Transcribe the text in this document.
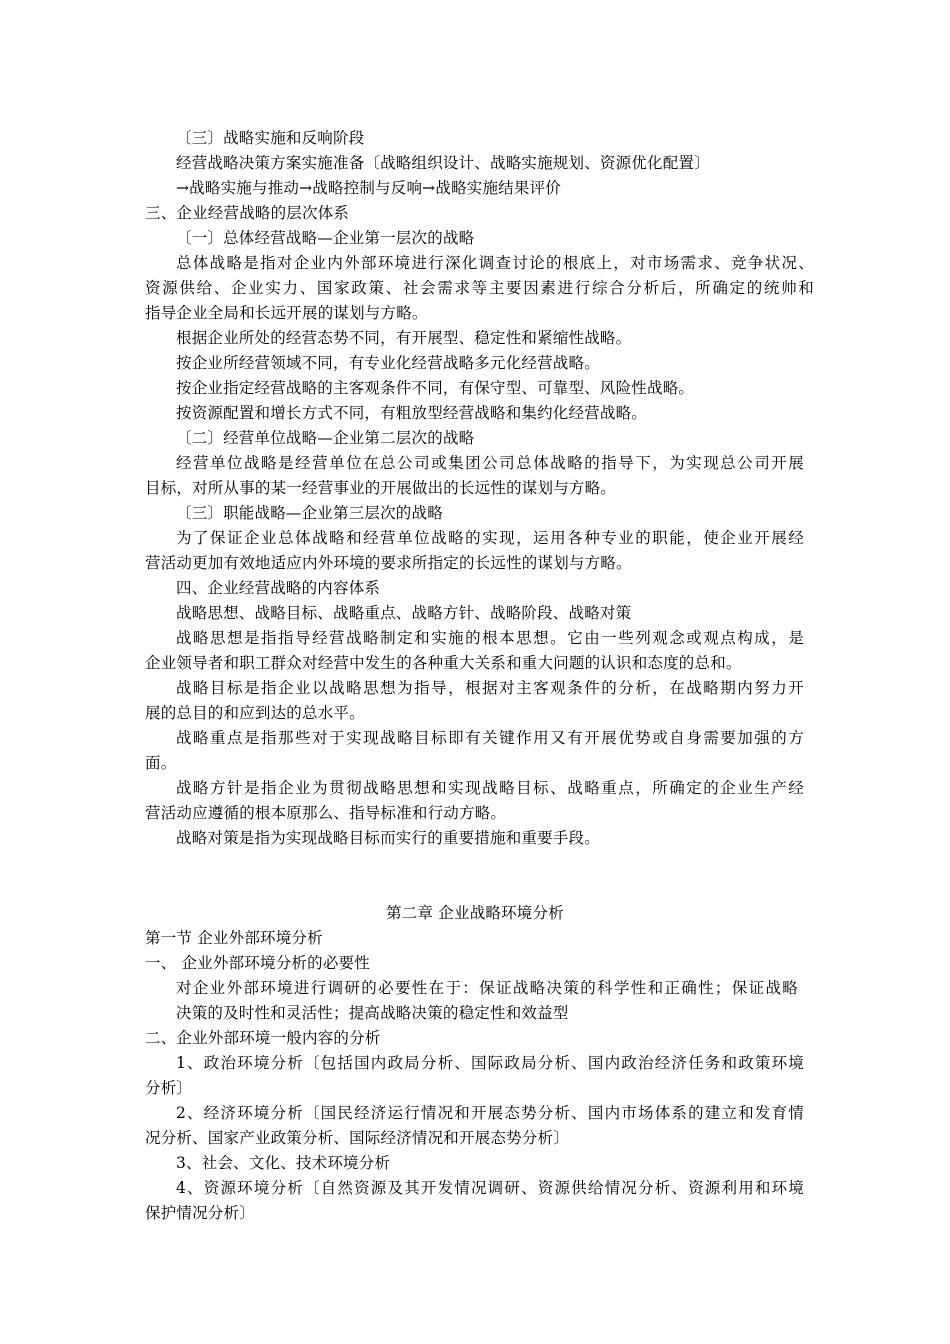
〔三〕战略实施和反响阶段
经营战略决策方案实施准备〔战略组织设计、战略实施规划、资源优化配置〕
→战略实施与推动→战略控制与反响→战略实施结果评价
三、企业经营战略的层次体系
〔一〕总体经营战略—企业第一层次的战略
总体战略是指对企业内外部环境进行深化调查讨论的根底上，对市场需求、竞争状况、
资源供给、企业实力、国家政策、社会需求等主要因素进行综合分析后，所确定的统帅和
指导企业全局和长远开展的谋划与方略。
根据企业所处的经营态势不同，有开展型、稳定性和紧缩性战略。
按企业所经营领域不同，有专业化经营战略多元化经营战略。
按企业指定经营战略的主客观条件不同，有保守型、可靠型、风险性战略。
按资源配置和增长方式不同，有粗放型经营战略和集约化经营战略。
〔二〕经营单位战略—企业第二层次的战略
经营单位战略是经营单位在总公司或集团公司总体战略的指导下，为实现总公司开展
目标，对所从事的某一经营事业的开展做出的长远性的谋划与方略。
〔三〕职能战略—企业第三层次的战略
为了保证企业总体战略和经营单位战略的实现，运用各种专业的职能，使企业开展经
营活动更加有效地适应内外环境的要求所指定的长远性的谋划与方略。
四、企业经营战略的内容体系
战略思想、战略目标、战略重点、战略方针、战略阶段、战略对策
战略思想是指指导经营战略制定和实施的根本思想。它由一些列观念或观点构成，是
企业领导者和职工群众对经营中发生的各种重大关系和重大问题的认识和态度的总和。
战略目标是指企业以战略思想为指导，根据对主客观条件的分析，在战略期内努力开
展的总目的和应到达的总水平。
战略重点是指那些对于实现战略目标即有关键作用又有开展优势或自身需要加强的方
面。
战略方针是指企业为贯彻战略思想和实现战略目标、战略重点，所确定的企业生产经
营活动应遵循的根本原那么、指导标准和行动方略。
战略对策是指为实现战略目标而实行的重要措施和重要手段。
第二章 企业战略环境分析
第一节 企业外部环境分析
一、 企业外部环境分析的必要性
对企业外部环境进行调研的必要性在于：保证战略决策的科学性和正确性；保证战略
决策的及时性和灵活性；提高战略决策的稳定性和效益型
二、企业外部环境一般内容的分析
1、政治环境分析〔包括国内政局分析、国际政局分析、国内政治经济任务和政策环境
分析〕
2、经济环境分析〔国民经济运行情况和开展态势分析、国内市场体系的建立和发育情
况分析、国家产业政策分析、国际经济情况和开展态势分析〕
3、社会、文化、技术环境分析
4、资源环境分析〔自然资源及其开发情况调研、资源供给情况分析、资源利用和环境
保护情况分析〕
